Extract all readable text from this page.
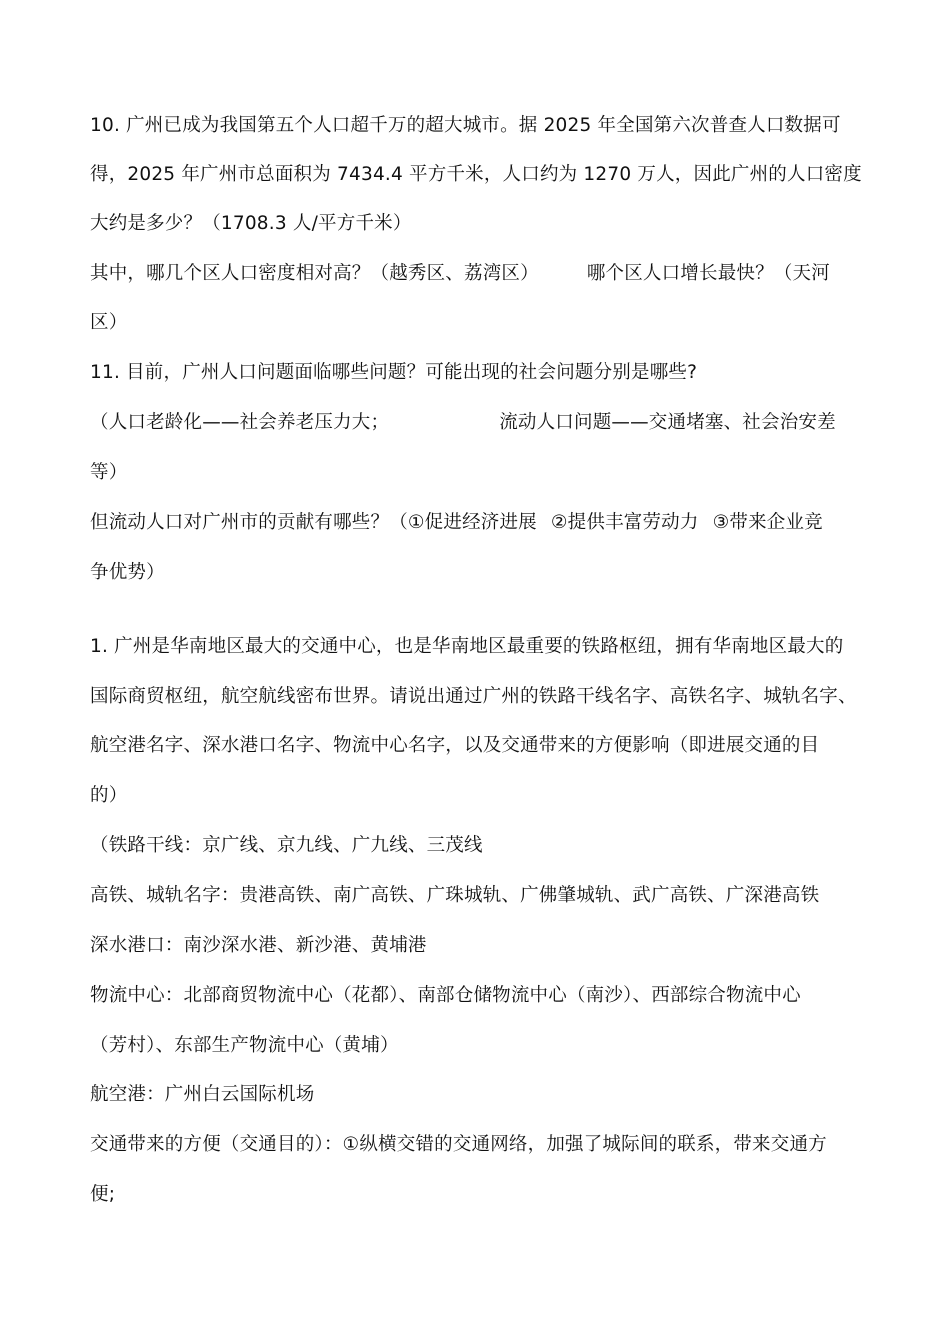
10. 广州已成为我国第五个人口超千万的超大城市。据 2025 年全国第六次普查人口数据可
得，2025 年广州市总面积为 7434.4 平方千米，人口约为 1270 万人，因此广州的人口密度
大约是多少？（1708.3 人/平方千米）
其中，哪几个区人口密度相对高？（越秀区、荔湾区）	哪个区人口增长最快？（天河
区）
11. 目前，广州人口问题面临哪些问题？可能出现的社会问题分别是哪些?
（人口老龄化——社会养老压力大；	流动人口问题——交通堵塞、社会治安差
等）
但流动人口对广州市的贡献有哪些？（①促进经济进展 ②提供丰富劳动力 ③带来企业竞
争优势）
1. 广州是华南地区最大的交通中心，也是华南地区最重要的铁路枢纽，拥有华南地区最大的
国际商贸枢纽，航空航线密布世界。请说出通过广州的铁路干线名字、高铁名字、城轨名字、
航空港名字、深水港口名字、物流中心名字，以及交通带来的方便影响（即进展交通的目
的）
（铁路干线：京广线、京九线、广九线、三茂线
高铁、城轨名字：贵港高铁、南广高铁、广珠城轨、广佛肇城轨、武广高铁、广深港高铁
深水港口：南沙深水港、新沙港、黄埔港
物流中心：北部商贸物流中心（花都）、南部仓储物流中心（南沙）、西部综合物流中心
（芳村）、东部生产物流中心（黄埔）
航空港：广州白云国际机场
交通带来的方便（交通目的）：①纵横交错的交通网络，加强了城际间的联系，带来交通方
便;
